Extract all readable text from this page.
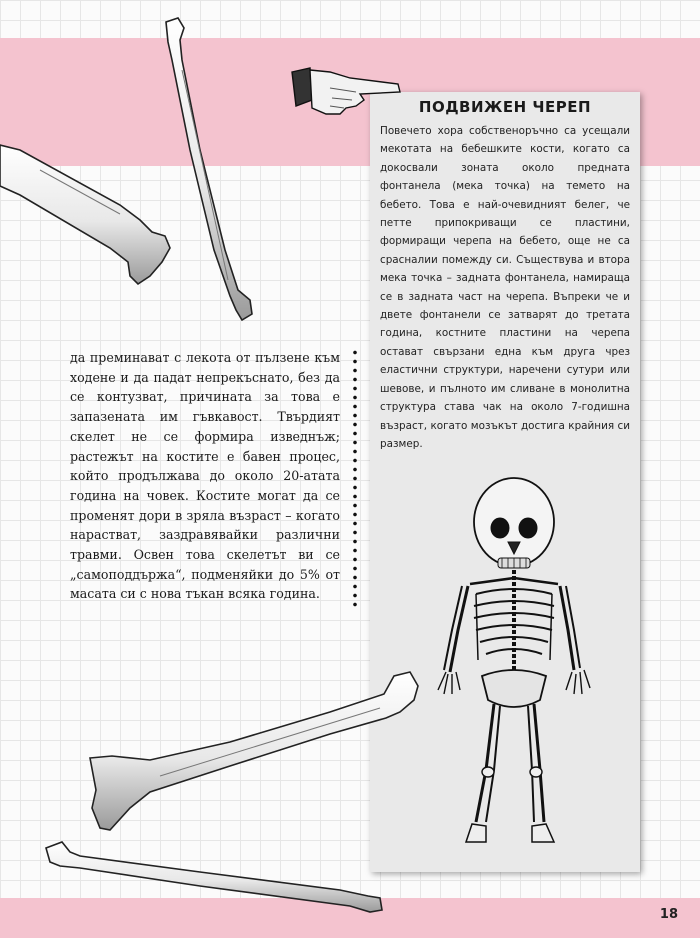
ПОДВИЖЕН ЧЕРЕП

Повечето хора собственоръчно са усещали мекотата на бебешките кости, когато са докосвали зоната около предната фонтанела (мека точка) на темето на бебето. Това е най-очевидният белег, че петте припокриващи се пластини, формиращи черепа на бебето, още не са срасналии помежду си. Съществува и втора мека точка – задната фонтанела, намираща се в задната част на черепа. Въпреки че и двете фонтанели се затварят до третата година, костните пластини на черепа остават свързани една към друга чрез еластични структури, наречени сутури или шевове, и пълното им сливане в монолитна структура става чак на около 7-годишна възраст, когато мозъкът достига крайния си размер.

да преминават с лекота от пълзене към ходене и да падат непрекъснато, без да се контузват, причината за това е запазената им гъвкавост. Твърдият скелет не се формира изведнъж; растежът на костите е бавен процес, който продължава до около 20-атата година на човек. Костите могат да се променят дори в зряла възраст – когато нарастват, заздравявайки различни травми. Освен това скелетът ви се „самоподдържа“, подменяйки до 5% от масата си с нова тъкан всяка година.

18
